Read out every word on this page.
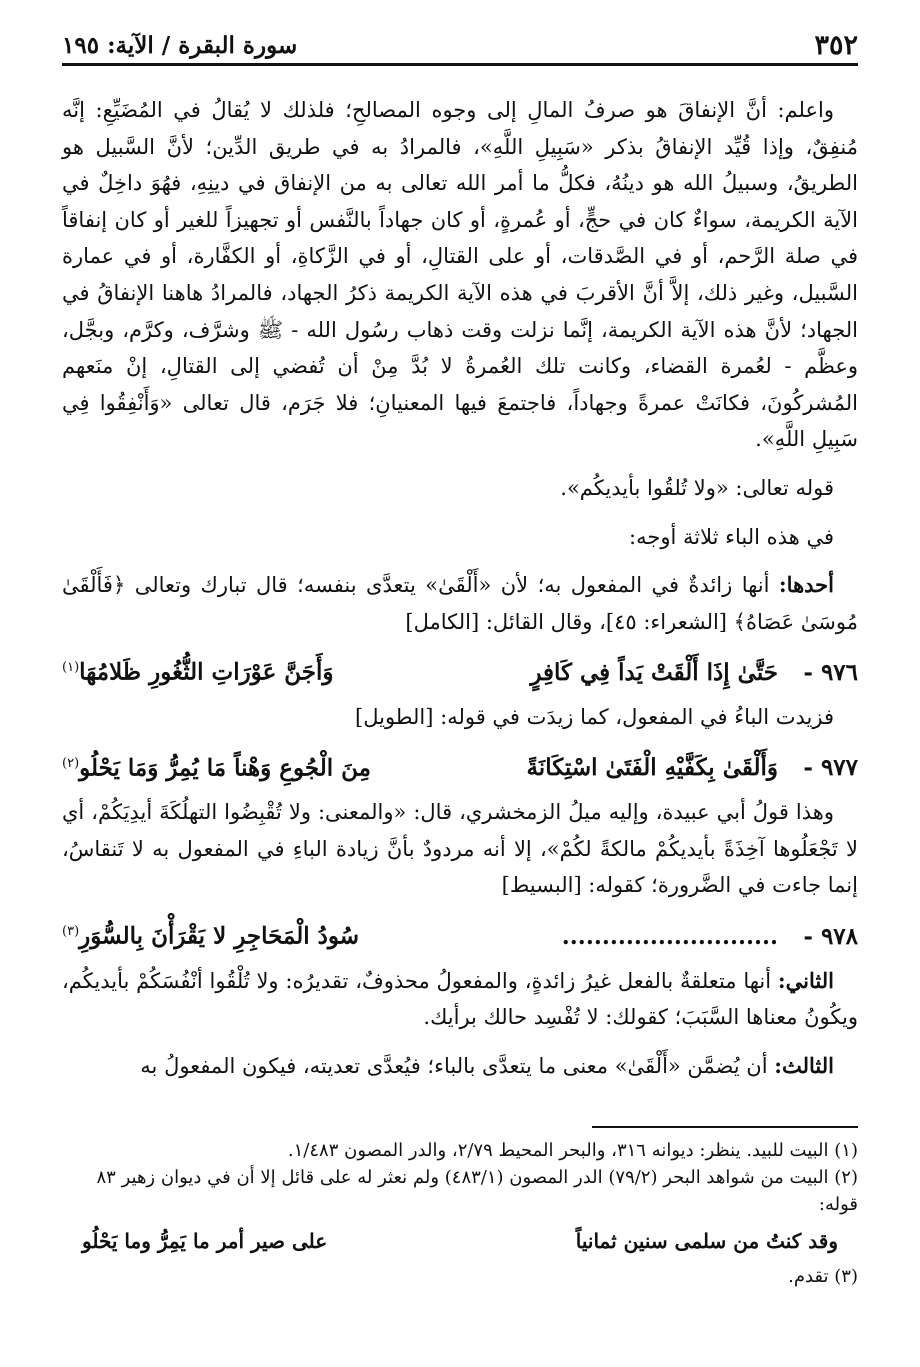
٣٥٢
سورة البقرة / الآية: ١٩٥

واعلم: أنَّ الإنفاقَ هو صرفُ المالِ إلى وجوه المصالحِ؛ فلذلك لا يُقالُ في المُضَيِّعِ: إنَّه مُنفِقٌ، وإذا قُيِّد الإنفاقُ بذكر «سَبِيلِ اللَّهِ»، فالمرادُ به في طريق الدِّين؛ لأنَّ السَّبيل هو الطريقُ، وسبيلُ الله هو دينُهُ، فكلُّ ما أمر الله تعالى به من الإنفاق في دينِهِ، فهُوَ داخِلٌ في الآية الكريمة، سواءٌ كان في حجٍّ، أو عُمرةٍ، أو كان جهاداً بالنَّفس أو تجهيزاً للغير أو كان إنفاقاً في صلة الرَّحم، أو في الصَّدقات، أو على القتالِ، أو في الزَّكاةِ، أو الكفَّارة، أو في عمارة السَّبيل، وغير ذلك، إلاَّ أنَّ الأقربَ في هذه الآية الكريمة ذكرُ الجهاد، فالمرادُ هاهنا الإنفاقُ في الجهاد؛ لأنَّ هذه الآية الكريمة، إنَّما نزلت وقت ذهاب رسُول الله - ﷺ وشرَّف، وكرَّم، وبجَّل، وعظَّم - لعُمرة القضاء، وكانت تلك العُمرةُ لا بُدَّ مِنْ أن تُفضي إلى القتالِ، إنْ منَعهم المُشركُونَ، فكانَتْ عمرةً وجهاداً، فاجتمعَ فيها المعنيانِ؛ فلا جَرَم، قال تعالى «وَأَنْفِقُوا فِي سَبِيلِ اللَّهِ».

قوله تعالى: «ولا تُلقُوا بأيديكُم».

في هذه الباء ثلاثة أوجه:

أحدها: أنها زائدةٌ في المفعول به؛ لأن «أَلْقَىٰ» يتعدَّى بنفسه؛ قال تبارك وتعالى ﴿فَأَلْقَىٰ مُوسَىٰ عَصَاهُ﴾ [الشعراء: ٤٥]، وقال القائل: [الكامل]

٩٧٦ -
حَتَّىٰ إِذَا أَلْقَتْ يَداً فِي كَافِرٍ
وَأَجَنَّ عَوْرَاتِ الثُّغُورِ ظَلامُهَا$^{(١)}$

فزيدت الباءُ في المفعول، كما زيدَت في قوله: [الطويل]

٩٧٧ -
وَأَلْقَىٰ بِكَفَّيْهِ الْفَتَىٰ اسْتِكَانَةً
مِنَ الْجُوعِ وَهْناً مَا يُمِرُّ وَمَا يَحْلُو$^{(٢)}$

وهذا قولُ أبي عبيدة، وإليه ميلُ الزمخشري، قال: «والمعنى: ولا تُقْبِضُوا التهلُكَةَ أيدِيَكُمْ، أي لا تَجْعَلُوها آخِذَةً بأيديكُمْ مالكةً لكُمْ»، إلا أنه مردودٌ بأنَّ زيادة الباءِ في المفعول به لا تَنقاسُ، إنما جاءت في الضَّرورة؛ كقوله: [البسيط]

٩٧٨ -
...........................
سُودُ الْمَحَاجِرِ لا يَقْرَأْنَ بِالسُّوَرِ$^{(٣)}$

الثاني: أنها متعلقةٌ بالفعل غيرُ زائدةٍ، والمفعولُ محذوفٌ، تقديرُه: ولا تُلْقُوا أنْفُسَكُمْ بأيديكُم، ويكُونُ معناها السَّبَبَ؛ كقولك: لا تُفْسِد حالك برأيك.

الثالث: أن يُضمَّن «أَلْقَىٰ» معنى ما يتعدَّى بالباء؛ فيُعدَّى تعديته، فيكون المفعولُ به

(١) البيت للبيد. ينظر: ديوانه ٣١٦، والبحر المحيط ٢/٧٩، والدر المصون ١/٤٨٣.

(٢) البيت من شواهد البحر (٧٩/٢) الدر المصون (٤٨٣/١) ولم نعثر له على قائل إلا أن في ديوان زهير ٨٣ قوله:

وقد كنتُ من سلمى سنين ثمانياً
على صير أمر ما يَمِرُّ وما يَحْلُو

(٣) تقدم.
